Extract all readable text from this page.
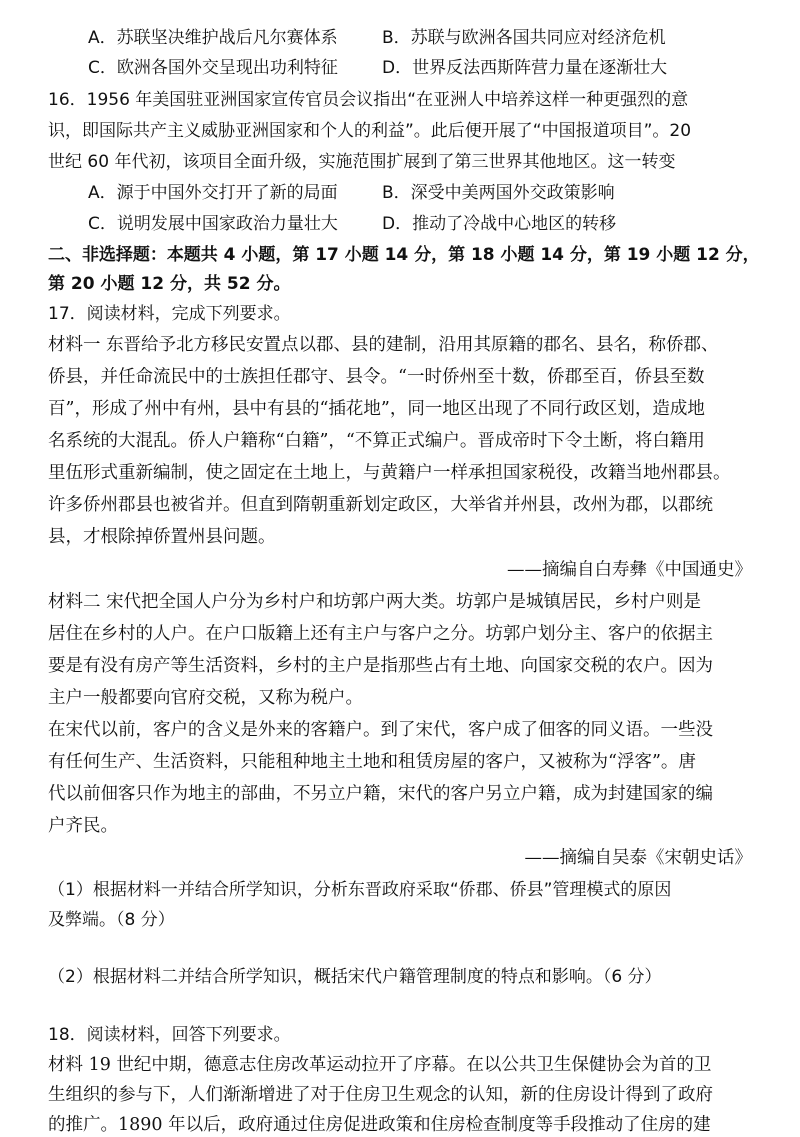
A．苏联坚决维护战后凡尔赛体系	B．苏联与欧洲各国共同应对经济危机
C．欧洲各国外交呈现出功利特征	D．世界反法西斯阵营力量在逐渐壮大
16．1956 年美国驻亚洲国家宣传官员会议指出“在亚洲人中培养这样一种更强烈的意
识，即国际共产主义威胁亚洲国家和个人的利益”。此后便开展了“中国报道项目”。20
世纪 60 年代初，该项目全面升级，实施范围扩展到了第三世界其他地区。这一转变
A．源于中国外交打开了新的局面	B．深受中美两国外交政策影响
C．说明发展中国家政治力量壮大	D．推动了冷战中心地区的转移
二、非选择题：本题共 4 小题，第 17 小题 14 分，第 18 小题 14 分，第 19 小题 12 分，
第 20 小题 12 分，共 52 分。
17．阅读材料，完成下列要求。
材料一 东晋给予北方移民安置点以郡、县的建制，沿用其原籍的郡名、县名，称侨郡、
侨县，并任命流民中的士族担任郡守、县令。“一时侨州至十数，侨郡至百，侨县至数
百”，形成了州中有州，县中有县的“插花地”，同一地区出现了不同行政区划，造成地
名系统的大混乱。侨人户籍称“白籍”，“不算正式编户。晋成帝时下令土断，将白籍用
里伍形式重新编制，使之固定在土地上，与黄籍户一样承担国家税役，改籍当地州郡县。
许多侨州郡县也被省并。但直到隋朝重新划定政区，大举省并州县，改州为郡，以郡统
县，才根除掉侨置州县问题。
——摘编自白寿彝《中国通史》
材料二 宋代把全国人户分为乡村户和坊郭户两大类。坊郭户是城镇居民，乡村户则是
居住在乡村的人户。在户口版籍上还有主户与客户之分。坊郭户划分主、客户的依据主
要是有没有房产等生活资料，乡村的主户是指那些占有土地、向国家交税的农户。因为
主户一般都要向官府交税，又称为税户。
在宋代以前，客户的含义是外来的客籍户。到了宋代，客户成了佃客的同义语。一些没
有任何生产、生活资料，只能租种地主土地和租赁房屋的客户，又被称为“浮客”。唐
代以前佃客只作为地主的部曲，不另立户籍，宋代的客户另立户籍，成为封建国家的编
户齐民。
——摘编自吴泰《宋朝史话》
（1）根据材料一并结合所学知识，分析东晋政府采取“侨郡、侨县”管理模式的原因
及弊端。（8 分）
（2）根据材料二并结合所学知识，概括宋代户籍管理制度的特点和影响。（6 分）
18．阅读材料，回答下列要求。
材料 19 世纪中期，德意志住房改革运动拉开了序幕。在以公共卫生保健协会为首的卫
生组织的参与下，人们渐渐增进了对于住房卫生观念的认知，新的住房设计得到了政府
的推广。1890 年以后，政府通过住房促进政策和住房检查制度等手段推动了住房的建
